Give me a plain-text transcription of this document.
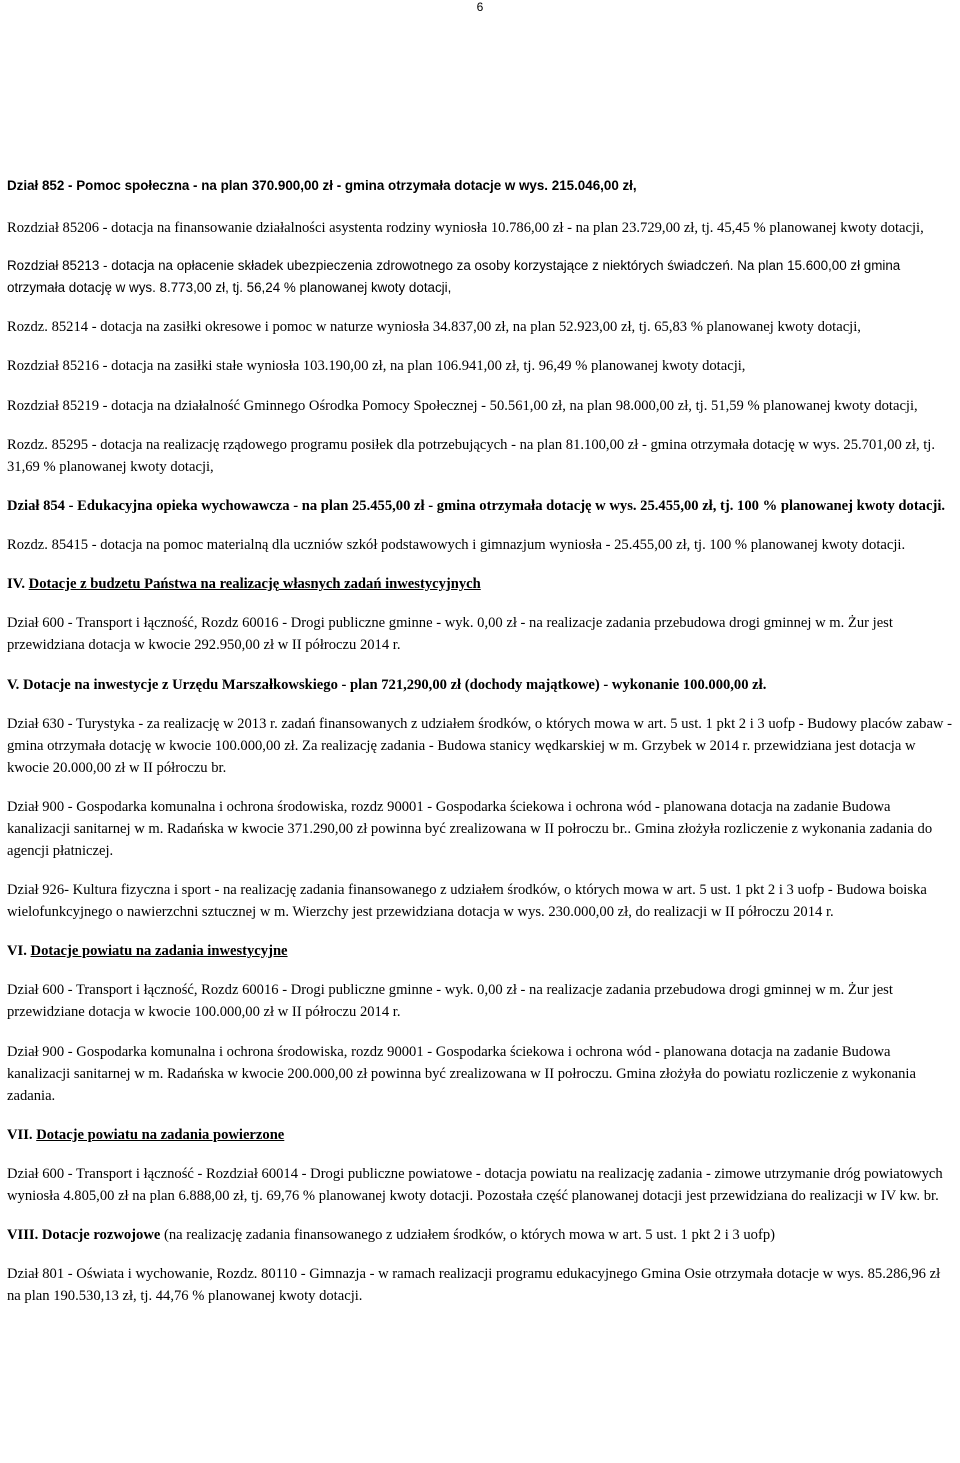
6

Dział 852 - Pomoc społeczna - na plan 370.900,00 zł - gmina otrzymała dotacje w wys. 215.046,00 zł,

Rozdział 85206 - dotacja na finansowanie działalności asystenta rodziny wyniosła 10.786,00 zł - na plan 23.729,00 zł, tj. 45,45 % planowanej kwoty dotacji,

Rozdział 85213 - dotacja na opłacenie składek ubezpieczenia zdrowotnego za osoby korzystające z niektórych świadczeń. Na plan 15.600,00 zł gmina otrzymała dotację w wys. 8.773,00 zł, tj. 56,24 % planowanej kwoty dotacji,

Rozdz. 85214 - dotacja na zasiłki okresowe i pomoc w naturze wyniosła 34.837,00 zł, na plan 52.923,00 zł, tj. 65,83 % planowanej kwoty dotacji,

Rozdział 85216 - dotacja na zasiłki stałe wyniosła 103.190,00 zł, na plan 106.941,00 zł, tj. 96,49 % planowanej kwoty dotacji,

Rozdział 85219 - dotacja na działalność Gminnego Ośrodka Pomocy Społecznej - 50.561,00 zł, na plan 98.000,00 zł, tj. 51,59 % planowanej kwoty dotacji,

Rozdz. 85295 - dotacja na realizację rządowego programu posiłek dla potrzebujących - na plan 81.100,00 zł - gmina otrzymała dotację w wys. 25.701,00 zł, tj. 31,69 % planowanej kwoty dotacji,

Dział 854 - Edukacyjna opieka wychowawcza - na plan 25.455,00 zł - gmina otrzymała dotację w wys. 25.455,00 zł, tj. 100 % planowanej kwoty dotacji.

Rozdz. 85415 - dotacja na pomoc materialną dla uczniów szkół podstawowych i gimnazjum wyniosła - 25.455,00 zł, tj. 100 % planowanej kwoty dotacji.

IV. Dotacje z budzetu Państwa na realizację własnych zadań inwestycyjnych

Dział 600 - Transport i łączność, Rozdz 60016 - Drogi publiczne gminne - wyk. 0,00 zł - na realizacje zadania przebudowa drogi gminnej w m. Żur jest przewidziana dotacja w kwocie 292.950,00 zł w II półroczu 2014 r.

V. Dotacje na inwestycje z Urzędu Marszałkowskiego - plan 721,290,00 zł (dochody majątkowe) - wykonanie 100.000,00 zł.

Dział 630 - Turystyka - za realizację w 2013 r. zadań finansowanych z udziałem środków, o których mowa w art. 5 ust. 1 pkt 2 i 3 uofp - Budowy placów zabaw - gmina otrzymała dotację w kwocie 100.000,00 zł. Za realizację zadania - Budowa stanicy wędkarskiej w m. Grzybek w 2014 r. przewidziana jest dotacja w kwocie 20.000,00 zł w II półroczu br.

Dział 900 - Gospodarka komunalna i ochrona środowiska, rozdz 90001 - Gospodarka ściekowa i ochrona wód - planowana dotacja na zadanie Budowa kanalizacji sanitarnej w m. Radańska w kwocie 371.290,00 zł powinna być zrealizowana w II połroczu br.. Gmina złożyła rozliczenie z wykonania zadania do agencji płatniczej.

Dział 926- Kultura fizyczna i sport - na realizację zadania finansowanego z udziałem środków, o których mowa w art. 5 ust. 1 pkt 2 i 3 uofp - Budowa boiska wielofunkcyjnego o nawierzchni sztucznej w m. Wierzchy jest przewidziana dotacja w wys. 230.000,00 zł, do realizacji w II półroczu 2014 r.

VI. Dotacje powiatu na zadania inwestycyjne

Dział 600 - Transport i łączność, Rozdz 60016 - Drogi publiczne gminne - wyk. 0,00 zł - na realizacje zadania przebudowa drogi gminnej w m. Żur jest przewidziane dotacja w kwocie 100.000,00 zł w II półroczu 2014 r.

Dział 900 - Gospodarka komunalna i ochrona środowiska, rozdz 90001 - Gospodarka ściekowa i ochrona wód - planowana dotacja na zadanie Budowa kanalizacji sanitarnej w m. Radańska w kwocie 200.000,00 zł powinna być zrealizowana w II połroczu. Gmina złożyła do powiatu rozliczenie z wykonania zadania.

VII. Dotacje powiatu na zadania powierzone

Dział 600 - Transport i łączność - Rozdział 60014 - Drogi publiczne powiatowe - dotacja powiatu na realizację zadania - zimowe utrzymanie dróg powiatowych wyniosła 4.805,00 zł na plan 6.888,00 zł, tj. 69,76 % planowanej kwoty dotacji. Pozostała część planowanej dotacji jest przewidziana do realizacji w IV kw. br.

VIII. Dotacje rozwojowe (na realizację zadania finansowanego z udziałem środków, o których mowa w art. 5 ust. 1 pkt 2 i 3 uofp)

Dział 801 - Oświata i wychowanie, Rozdz. 80110 - Gimnazja - w ramach realizacji programu edukacyjnego Gmina Osie otrzymała dotacje w wys. 85.286,96 zł na plan 190.530,13 zł, tj. 44,76 % planowanej kwoty dotacji.
